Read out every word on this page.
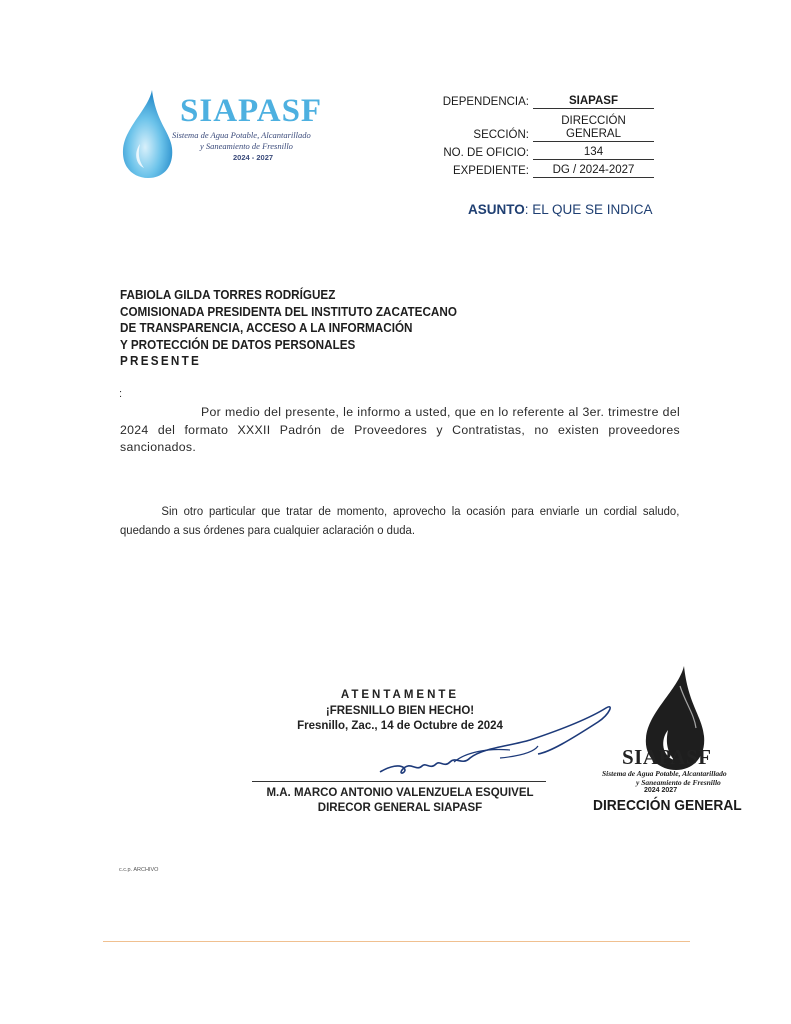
SIAPASF
Sistema de Agua Potable, Alcantarillado
y Saneamiento de Fresnillo
2024 - 2027
DEPENDENCIA:	SIAPASF
SECCIÓN:	DIRECCIÓN GENERAL
NO. DE OFICIO:	134
EXPEDIENTE:	DG / 2024-2027
ASUNTO: EL QUE SE INDICA
FABIOLA GILDA TORRES RODRÍGUEZ
COMISIONADA PRESIDENTA DEL INSTITUTO ZACATECANO
DE TRANSPARENCIA, ACCESO A LA INFORMACIÓN
Y PROTECCIÓN DE DATOS PERSONALES
PRESENTE
:
Por medio del presente, le informo a usted, que en lo referente al 3er. trimestre del 2024 del formato XXXII Padrón de Proveedores y Contratistas, no existen proveedores sancionados.
Sin otro particular que tratar de momento, aprovecho la ocasión para enviarle un cordial saludo, quedando a sus órdenes para cualquier aclaración o duda.
ATENTAMENTE
¡FRESNILLO BIEN HECHO!
Fresnillo, Zac., 14 de Octubre de 2024
M.A. MARCO ANTONIO VALENZUELA ESQUIVEL
DIRECOR GENERAL SIAPASF
SIAPASF
Sistema de Agua Potable, Alcantarillado
y Saneamiento de Fresnillo
2024 2027
DIRECCIÓN GENERAL
c.c.p. ARCHIVO
